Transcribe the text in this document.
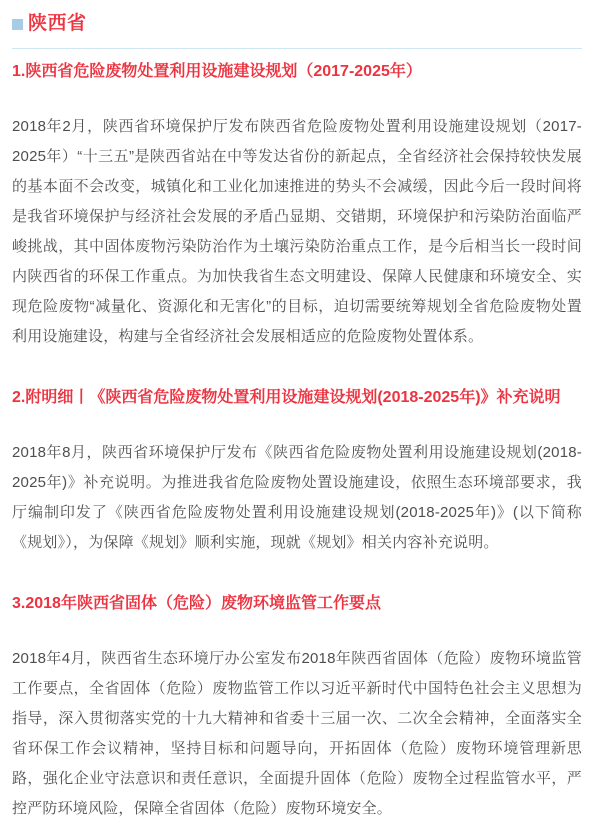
陕西省
1.陕西省危险废物处置利用设施建设规划（2017-2025年）

2018年2月，陕西省环境保护厅发布陕西省危险废物处置利用设施建设规划（2017-2025年）“十三五”是陕西省站在中等发达省份的新起点，全省经济社会保持较快发展的基本面不会改变，城镇化和工业化加速推进的势头不会减缓，因此今后一段时间将是我省环境保护与经济社会发展的矛盾凸显期、交错期，环境保护和污染防治面临严峻挑战，其中固体废物污染防治作为土壤污染防治重点工作，是今后相当长一段时间内陕西省的环保工作重点。为加快我省生态文明建设、保障人民健康和环境安全、实现危险废物“减量化、资源化和无害化”的目标，迫切需要统筹规划全省危险废物处置利用设施建设，构建与全省经济社会发展相适应的危险废物处置体系。

2.附明细丨《陕西省危险废物处置利用设施建设规划(2018-2025年)》补充说明

2018年8月，陕西省环境保护厅发布《陕西省危险废物处置利用设施建设规划(2018-2025年)》补充说明。为推进我省危险废物处置设施建设，依照生态环境部要求，我厅编制印发了《陕西省危险废物处置利用设施建设规划(2018-2025年)》(以下简称《规划》），为保障《规划》顺利实施，现就《规划》相关内容补充说明。

3.2018年陕西省固体（危险）废物环境监管工作要点

2018年4月，陕西省生态环境厅办公室发布2018年陕西省固体（危险）废物环境监管工作要点，全省固体（危险）废物监管工作以习近平新时代中国特色社会主义思想为指导，深入贯彻落实党的十九大精神和省委十三届一次、二次全会精神，全面落实全省环保工作会议精神，坚持目标和问题导向，开拓固体（危险）废物环境管理新思路，强化企业守法意识和责任意识，全面提升固体（危险）废物全过程监管水平，严控严防环境风险，保障全省固体（危险）废物环境安全。
